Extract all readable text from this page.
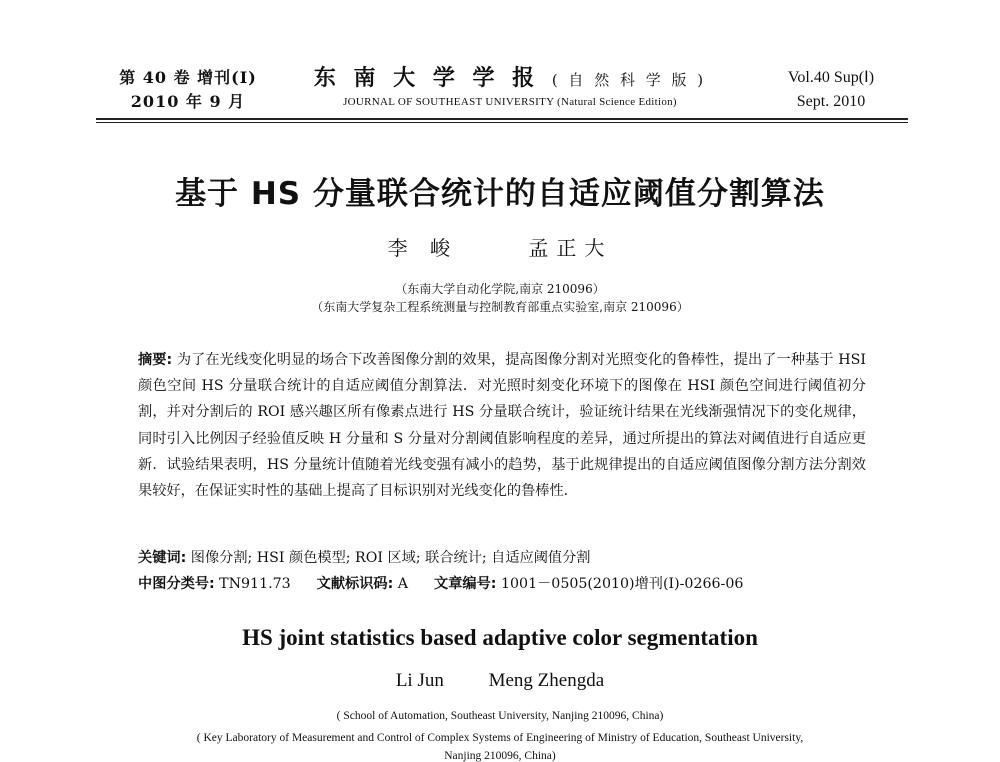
第 40 卷 增刊(Ⅰ)
2010 年 9 月
东 南 大 学 学 报 ( 自 然 科 学 版 )
JOURNAL OF SOUTHEAST UNIVERSITY (Natural Science Edition)
Vol.40 Sup(Ⅰ)
Sept. 2010
基于 HS 分量联合统计的自适应阈值分割算法
李 峻	孟正大
（东南大学自动化学院,南京 210096）
（东南大学复杂工程系统测量与控制教育部重点实验室,南京 210096）
摘要: 为了在光线变化明显的场合下改善图像分割的效果，提高图像分割对光照变化的鲁棒性，提出了一种基于 HSI 颜色空间 HS 分量联合统计的自适应阈值分割算法．对光照时刻变化环境下的图像在 HSI 颜色空间进行阈值初分割，并对分割后的 ROI 感兴趣区所有像素点进行 HS 分量联合统计，验证统计结果在光线渐强情况下的变化规律，同时引入比例因子经验值反映 H 分量和 S 分量对分割阈值影响程度的差异，通过所提出的算法对阈值进行自适应更新．试验结果表明，HS 分量统计值随着光线变强有减小的趋势，基于此规律提出的自适应阈值图像分割方法分割效果较好，在保证实时性的基础上提高了目标识别对光线变化的鲁棒性．
关键词: 图像分割; HSI 颜色模型; ROI 区域; 联合统计; 自适应阈值分割
中图分类号: TN911.73 文献标识码: A 文章编号: 1001－0505(2010)增刊(Ⅰ)-0266-06
HS joint statistics based adaptive color segmentation
Li Jun Meng Zhengda
( School of Automation, Southeast University, Nanjing 210096, China)
( Key Laboratory of Measurement and Control of Complex Systems of Engineering of Ministry of Education, Southeast University,
Nanjing 210096, China)
